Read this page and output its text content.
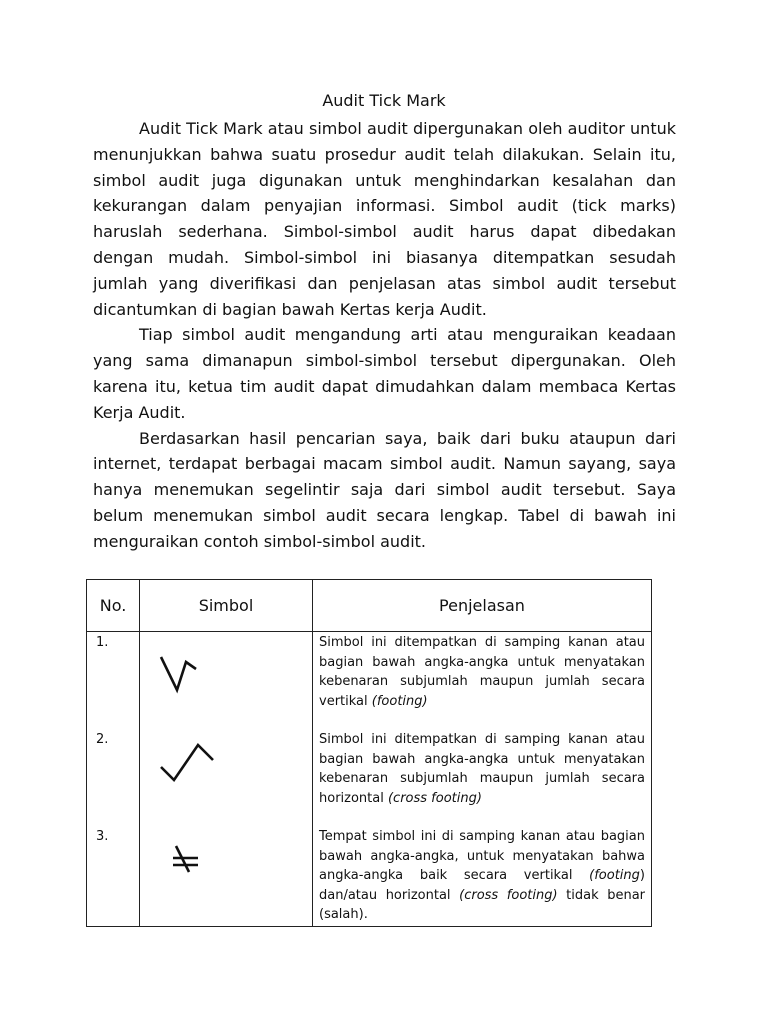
Audit Tick Mark

Audit Tick Mark atau simbol audit dipergunakan oleh auditor untuk menunjukkan bahwa suatu prosedur audit telah dilakukan. Selain itu, simbol audit juga digunakan untuk menghindarkan kesalahan dan kekurangan dalam penyajian informasi. Simbol audit (tick marks) haruslah sederhana. Simbol-simbol audit harus dapat dibedakan dengan mudah. Simbol-simbol ini biasanya ditempatkan sesudah jumlah yang diverifikasi dan penjelasan atas simbol audit tersebut dicantumkan di bagian bawah Kertas kerja Audit.

Tiap simbol audit mengandung arti atau menguraikan keadaan yang sama dimanapun simbol-simbol tersebut dipergunakan. Oleh karena itu, ketua tim audit dapat dimudahkan dalam membaca Kertas Kerja Audit.

Berdasarkan hasil pencarian saya, baik dari buku ataupun dari internet, terdapat berbagai macam simbol audit. Namun sayang, saya hanya menemukan segelintir saja dari simbol audit tersebut. Saya belum menemukan simbol audit secara lengkap. Tabel di bawah ini menguraikan contoh simbol-simbol audit.

No.	Simbol	Penjelasan
1.		Simbol ini ditempatkan di samping kanan atau bagian bawah angka-angka untuk menyatakan kebenaran subjumlah maupun jumlah secara vertikal (footing)

2.		Simbol ini ditempatkan di samping kanan atau bagian bawah angka-angka untuk menyatakan kebenaran subjumlah maupun jumlah secara horizontal (cross footing)

3.		Tempat simbol ini di samping kanan atau bagian bawah angka-angka, untuk menyatakan bahwa angka-angka baik secara vertikal (footing) dan/atau horizontal (cross footing) tidak benar (salah).
